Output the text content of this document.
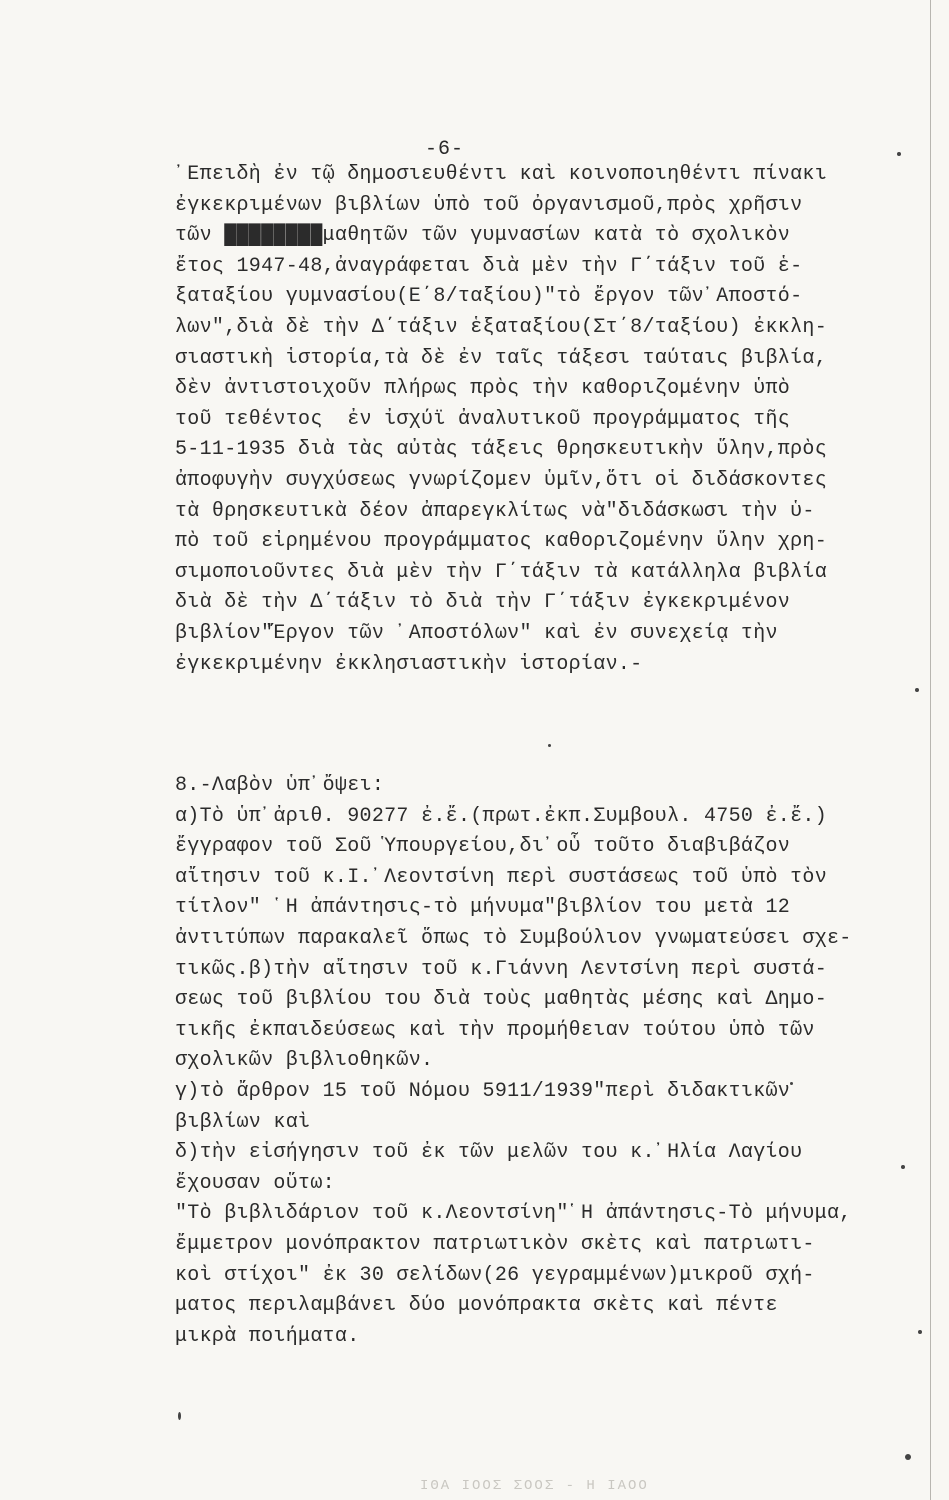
-6-
᾿Επειδὴ ἐν τῷ δημοσιευθέντι καὶ κοινοποιηθέντι πίνακι
ἐγκεκριμένων βιβλίων ὑπὸ τοῦ ὀργανισμοῦ,πρὸς χρῆσιν
τῶν ████████μαθητῶν τῶν γυμνασίων κατὰ τὸ σχολικὸν
ἔτος 1947-48,ἀναγράφεται διὰ μὲν τὴν Γ΄τάξιν τοῦ ἑ-
ξαταξίου γυμνασίου(Ε΄8/ταξίου)"τὸ ἔργον τῶν᾿Αποστό-
λων",διὰ δὲ τὴν Δ΄τάξιν ἑξαταξίου(Στ΄8/ταξίου) ἐκκλη-
σιαστικὴ ἱστορία,τὰ δὲ ἐν ταῖς τάξεσι ταύταις βιβλία,
δὲν ἀντιστοιχοῦν πλήρως πρὸς τὴν καθοριζομένην ὑπὸ
τοῦ τεθέντος  ἐν ἰσχύϊ ἀναλυτικοῦ προγράμματος τῆς
5-11-1935 διὰ τὰς αὐτὰς τάξεις θρησκευτικὴν ὕλην,πρὸς
ἀποφυγὴν συγχύσεως γνωρίζομεν ὑμῖν,ὅτι οἱ διδάσκοντες
τὰ θρησκευτικὰ δέον ἀπαρεγκλίτως νὰ"διδάσκωσι τὴν ὑ-
πὸ τοῦ εἰρημένου προγράμματος καθοριζομένην ὕλην χρη-
σιμοποιοῦντες διὰ μὲν τὴν Γ΄τάξιν τὰ κατάλληλα βιβλία
διὰ δὲ τὴν Δ΄τάξιν τὸ διὰ τὴν Γ΄τάξιν ἐγκεκριμένον
βιβλίον"Ἔργον τῶν ᾿Αποστόλων" καὶ ἐν συνεχείᾳ τὴν
ἐγκεκριμένην ἐκκλησιαστικὴν ἱστορίαν.-
8.-Λαβὸν ὑπ᾿ὄψει:
α)Τὸ ὑπ᾿ἀριθ. 90277 ἐ.ἔ.(πρωτ.ἐκπ.Συμβουλ. 4750 ἐ.ἔ.)
ἔγγραφον τοῦ Σοῦ Ὑπουργείου,δι᾿οὗ τοῦτο διαβιβάζον
αἴτησιν τοῦ κ.Ι.᾿Λεοντσίνη περὶ συστάσεως τοῦ ὑπὸ τὸν
τίτλον" ῾Η ἀπάντησις-τὸ μήνυμα"βιβλίον του μετὰ 12
ἀντιτύπων παρακαλεῖ ὅπως τὸ Συμβούλιον γνωματεύσει σχε-
τικῶς.β)τὴν αἴτησιν τοῦ κ.Γιάννη Λεντσίνη περὶ συστά-
σεως τοῦ βιβλίου του διὰ τοὺς μαθητὰς μέσης καὶ Δημο-
τικῆς ἐκπαιδεύσεως καὶ τὴν προμήθειαν τούτου ὑπὸ τῶν
σχολικῶν βιβλιοθηκῶν.
γ)τὸ ἄρθρον 15 τοῦ Νόμου 5911/1939"περὶ διδακτικῶν
βιβλίων καὶ
δ)τὴν εἰσήγησιν τοῦ ἐκ τῶν μελῶν του κ.᾿Ηλία Λαγίου
ἔχουσαν οὕτω:
"Τὸ βιβλιδάριον τοῦ κ.Λεοντσίνη"῾Η ἀπάντησις-Τὸ μήνυμα,
ἔμμετρον μονόπρακτον πατριωτικὸν σκὲτς καὶ πατριωτι-
κοὶ στίχοι" ἐκ 30 σελίδων(26 γεγραμμένων)μικροῦ σχή-
ματος περιλαμβάνει δύο μονόπρακτα σκὲτς καὶ πέντε
μικρὰ ποιήματα.
ΙΘΑ ΙΟΟΣ ΣΟΟΣ - Η ΙΑΟΟ
